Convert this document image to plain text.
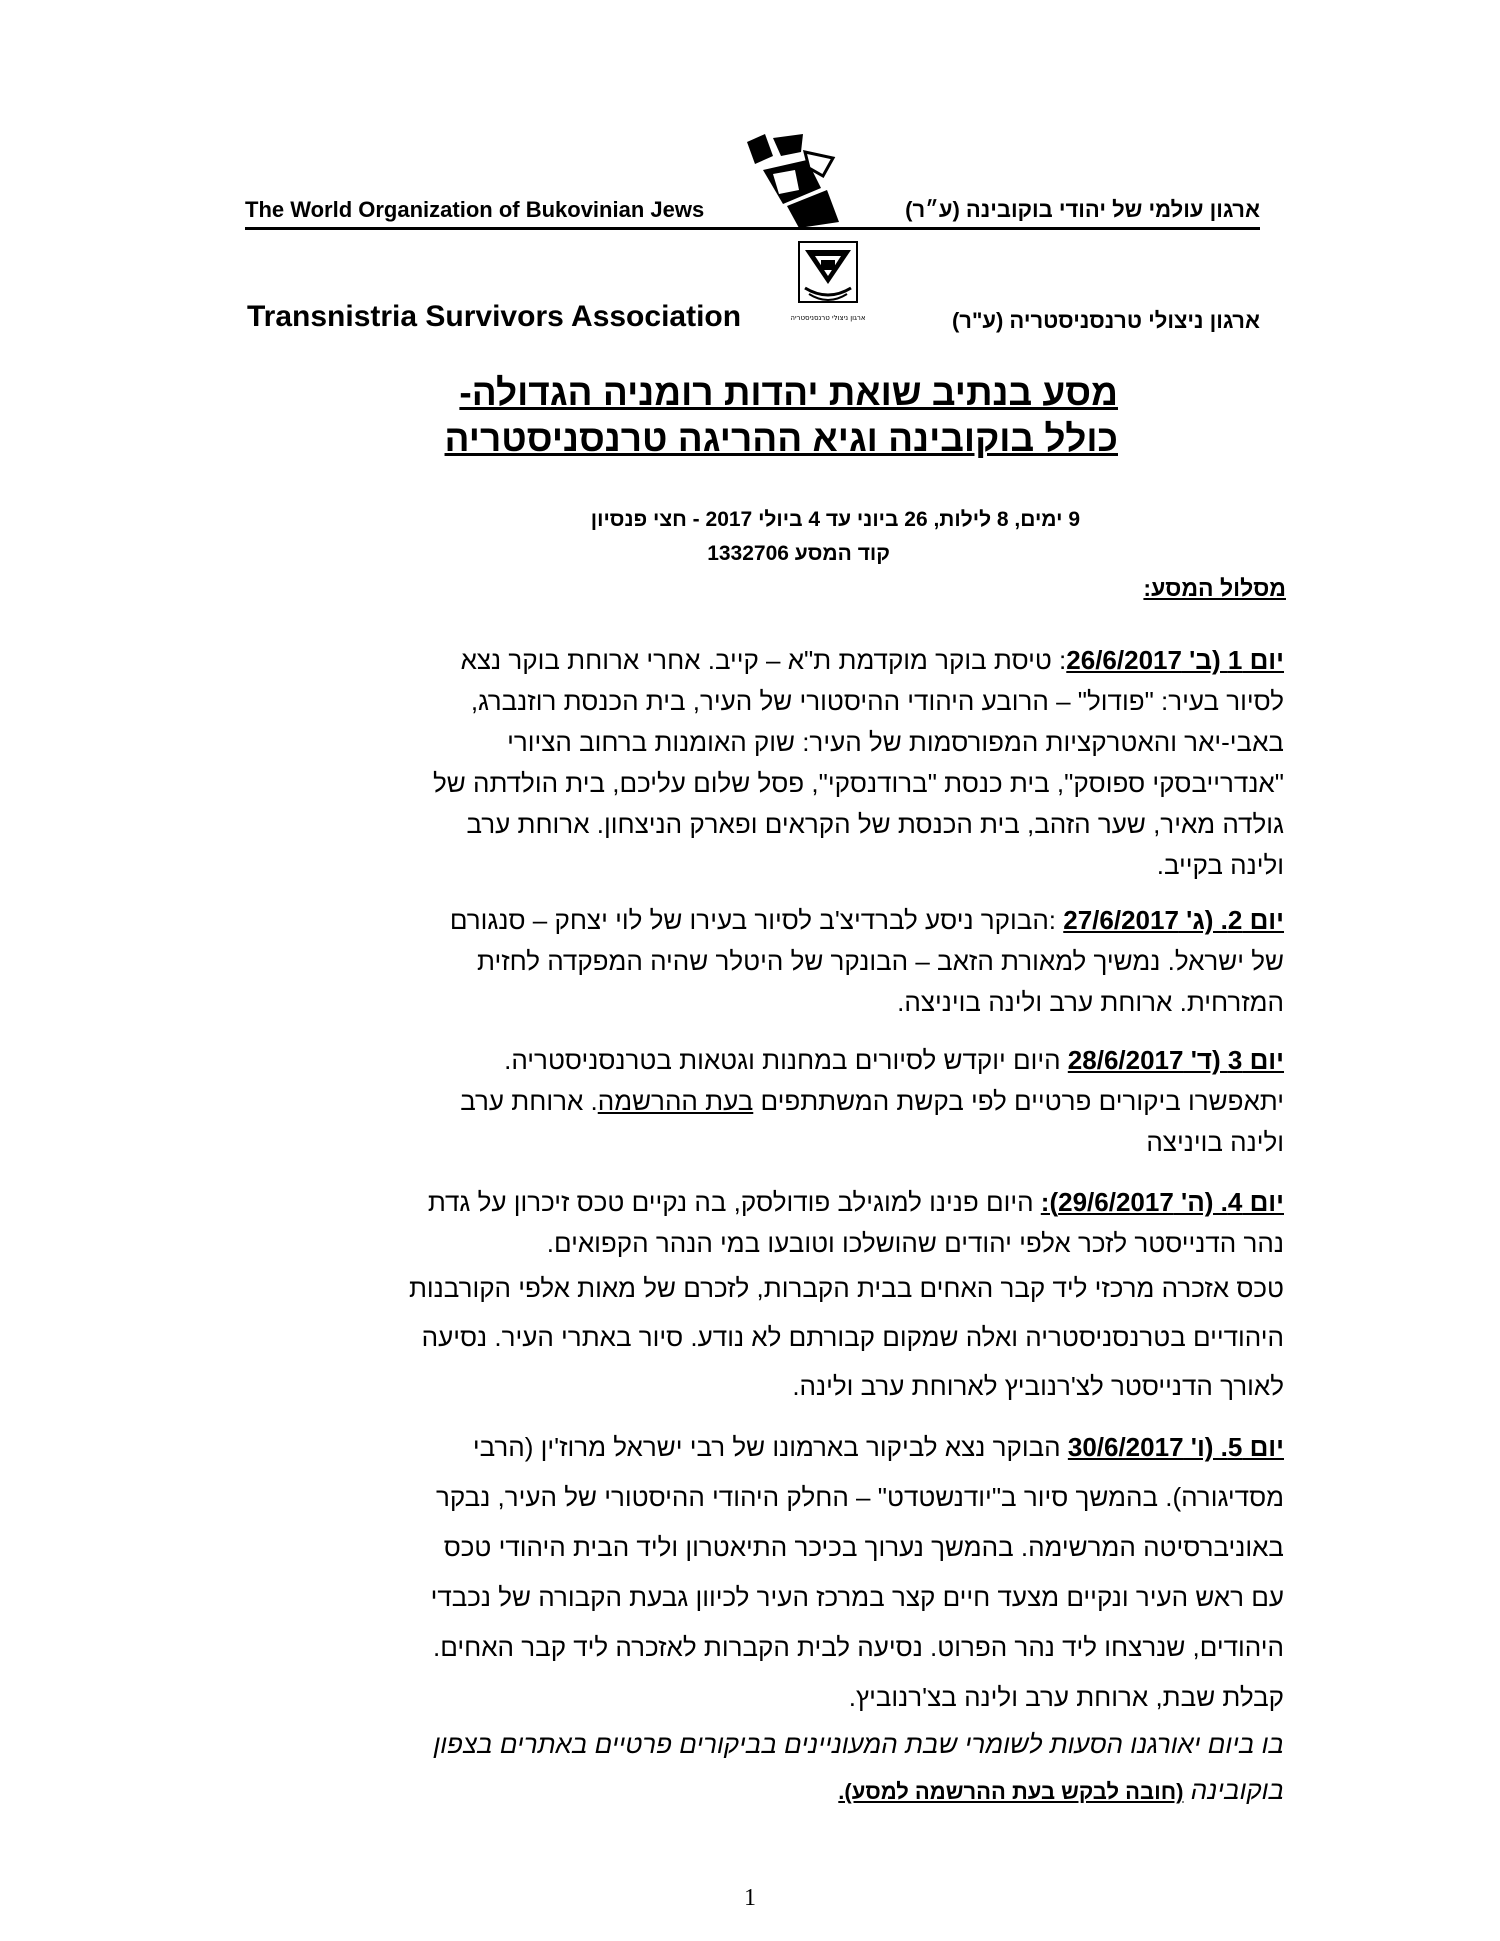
The World Organization of Bukovinian Jews	ארגון עולמי של יהודי בוקובינה (ע״ר)
Transnistria Survivors Association	ארגון ניצולי טרנסניסטריה	ארגון ניצולי טרנסניסטריה (ע"ר)
מסע בנתיב שואת יהדות רומניה הגדולה-
כולל בוקובינה וגיא ההריגה טרנסניסטריה
9 ימים, 8 לילות, 26 ביוני עד 4 ביולי 2017 - חצי פנסיון
קוד המסע 1332706
מסלול המסע:
יום 1 (ב' 26/6/2017: טיסת בוקר מוקדמת ת"א – קייב. אחרי ארוחת בוקר נצא
לסיור בעיר: "פודול" – הרובע היהודי ההיסטורי של העיר, בית הכנסת רוזנברג,
באבי-יאר והאטרקציות המפורסמות של העיר: שוק האומנות ברחוב הציורי
"אנדרייבסקי ספוסק", בית כנסת "ברודנסקי", פסל שלום עליכם, בית הולדתה של
גולדה מאיר, שער הזהב, בית הכנסת של הקראים ופארק הניצחון. ארוחת ערב
ולינה בקייב.
יום 2. (ג' 27/6/2017 :הבוקר ניסע לברדיצ'ב לסיור בעירו של לוי יצחק – סנגורם
של ישראל. נמשיך למאורת הזאב – הבונקר של היטלר שהיה המפקדה לחזית
המזרחית. ארוחת ערב ולינה בויניצה.
יום 3 (ד' 28/6/2017 היום יוקדש לסיורים במחנות וגטאות בטרנסניסטריה.
יתאפשרו ביקורים פרטיים לפי בקשת המשתתפים בעת ההרשמה. ארוחת ערב
ולינה בויניצה
יום 4. (ה' 29/6/2017): היום פנינו למוגילב פודולסק, בה נקיים טכס זיכרון על גדת
נהר הדנייסטר לזכר אלפי יהודים שהושלכו וטובעו במי הנהר הקפואים.
טכס אזכרה מרכזי ליד קבר האחים בבית הקברות, לזכרם של מאות אלפי הקורבנות
היהודיים בטרנסניסטריה ואלה שמקום קבורתם לא נודע. סיור באתרי העיר. נסיעה
לאורך הדנייסטר לצ'רנוביץ לארוחת ערב ולינה.
יום 5. (ו' 30/6/2017 הבוקר נצא לביקור בארמונו של רבי ישראל מרוז'ין (הרבי
מסדיגורה). בהמשך סיור ב"יודנשטדט" – החלק היהודי ההיסטורי של העיר, נבקר
באוניברסיטה המרשימה. בהמשך נערוך בכיכר התיאטרון וליד הבית היהודי טכס
עם ראש העיר ונקיים מצעד חיים קצר במרכז העיר לכיוון גבעת הקבורה של נכבדי
היהודים, שנרצחו ליד נהר הפרוט. נסיעה לבית הקברות לאזכרה ליד קבר האחים.
קבלת שבת, ארוחת ערב ולינה בצ'רנוביץ.
בו ביום יאורגנו הסעות לשומרי שבת המעוניינים בביקורים פרטיים באתרים בצפון
בוקובינה (חובה לבקש בעת ההרשמה למסע).
1
